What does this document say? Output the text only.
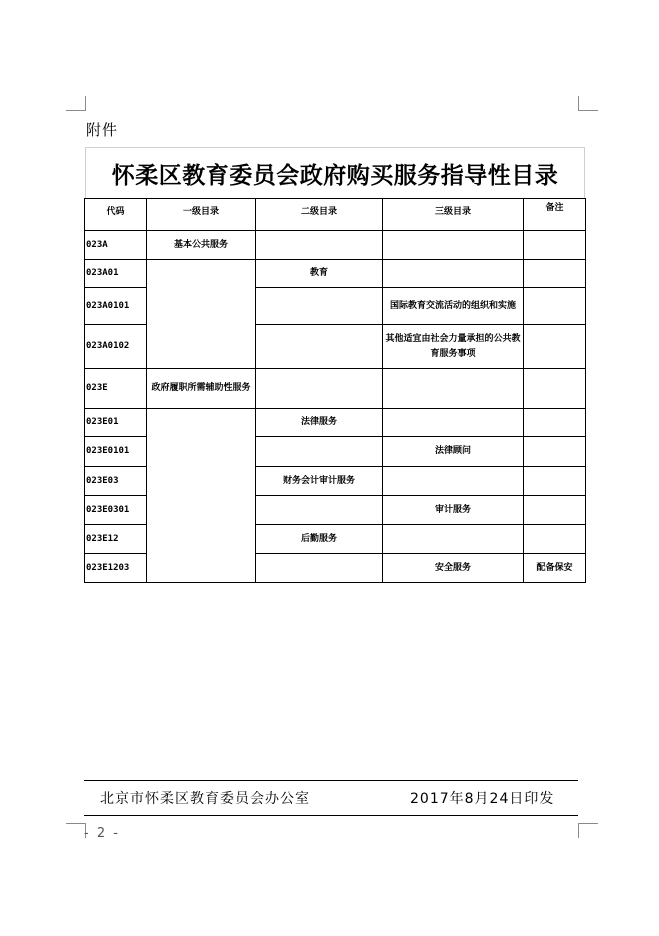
附件
怀柔区教育委员会政府购买服务指导性目录
代码	一级目录	二级目录	三级目录	备注
023A	基本公共服务			
023A01		教育		
023A0101			国际教育交流活动的组织和实施	
023A0102			其他适宜由社会力量承担的公共教育服务事项	
023E	政府履职所需辅助性服务			
023E01		法律服务		
023E0101			法律顾问	
023E03		财务会计审计服务		
023E0301			审计服务	
023E12		后勤服务		
023E1203			安全服务	配备保安
北京市怀柔区教育委员会办公室	2017年8月24日印发
- 2 -
